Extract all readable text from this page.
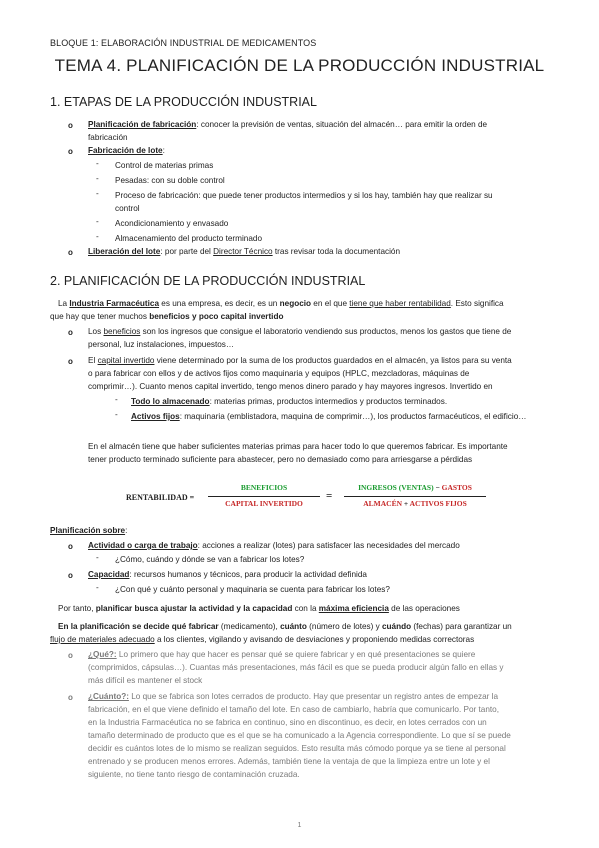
BLOQUE 1: ELABORACIÓN INDUSTRIAL DE MEDICAMENTOS
TEMA 4. PLANIFICACIÓN DE LA PRODUCCIÓN INDUSTRIAL
1. ETAPAS DE LA PRODUCCIÓN INDUSTRIAL
o Planificación de fabricación: conocer la previsión de ventas, situación del almacén… para emitir la orden de
fabricación
o Fabricación de lote:
- Control de materias primas
- Pesadas: con su doble control
- Proceso de fabricación: que puede tener productos intermedios y si los hay, también hay que realizar su
control
- Acondicionamiento y envasado
- Almacenamiento del producto terminado
o Liberación del lote: por parte del Director Técnico tras revisar toda la documentación
2. PLANIFICACIÓN DE LA PRODUCCIÓN INDUSTRIAL
La Industria Farmacéutica es una empresa, es decir, es un negocio en el que tiene que haber rentabilidad. Esto significa
que hay que tener muchos beneficios y poco capital invertido
o Los beneficios son los ingresos que consigue el laboratorio vendiendo sus productos, menos los gastos que tiene de
personal, luz instalaciones, impuestos…
o El capital invertido viene determinado por la suma de los productos guardados en el almacén, ya listos para su venta
o para fabricar con ellos y de activos fijos como maquinaria y equipos (HPLC, mezcladoras, máquinas de
comprimir…). Cuanto menos capital invertido, tengo menos dinero parado y hay mayores ingresos. Invertido en
- Todo lo almacenado: materias primas, productos intermedios y productos terminados.
- Activos fijos: maquinaria (emblistadora, maquina de comprimir…), los productos farmacéuticos, el edificio…
En el almacén tiene que haber suficientes materias primas para hacer todo lo que queremos fabricar. Es importante
tener producto terminado suficiente para abastecer, pero no demasiado como para arriesgarse a pérdidas
RENTABILIDAD =
BENEFICIOS
CAPITAL INVERTIDO
=
INGRESOS (VENTAS) − GASTOS
ALMACÉN + ACTIVOS FIJOS
Planificación sobre:
o Actividad o carga de trabajo: acciones a realizar (lotes) para satisfacer las necesidades del mercado
- ¿Cómo, cuándo y dónde se van a fabricar los lotes?
o Capacidad: recursos humanos y técnicos, para producir la actividad definida
- ¿Con qué y cuánto personal y maquinaria se cuenta para fabricar los lotes?
Por tanto, planificar busca ajustar la actividad y la capacidad con la máxima eficiencia de las operaciones
En la planificación se decide qué fabricar (medicamento), cuánto (número de lotes) y cuándo (fechas) para garantizar un
flujo de materiales adecuado a los clientes, vigilando y avisando de desviaciones y proponiendo medidas correctoras
o ¿Qué?: Lo primero que hay que hacer es pensar qué se quiere fabricar y en qué presentaciones se quiere
(comprimidos, cápsulas…). Cuantas más presentaciones, más fácil es que se pueda producir algún fallo en ellas y
más difícil es mantener el stock
o ¿Cuánto?: Lo que se fabrica son lotes cerrados de producto. Hay que presentar un registro antes de empezar la
fabricación, en el que viene definido el tamaño del lote. En caso de cambiarlo, habría que comunicarlo. Por tanto,
en la Industria Farmacéutica no se fabrica en continuo, sino en discontinuo, es decir, en lotes cerrados con un
tamaño determinado de producto que es el que se ha comunicado a la Agencia correspondiente. Lo que sí se puede
decidir es cuántos lotes de lo mismo se realizan seguidos. Esto resulta más cómodo porque ya se tiene al personal
entrenado y se producen menos errores. Además, también tiene la ventaja de que la limpieza entre un lote y el
siguiente, no tiene tanto riesgo de contaminación cruzada.
1
